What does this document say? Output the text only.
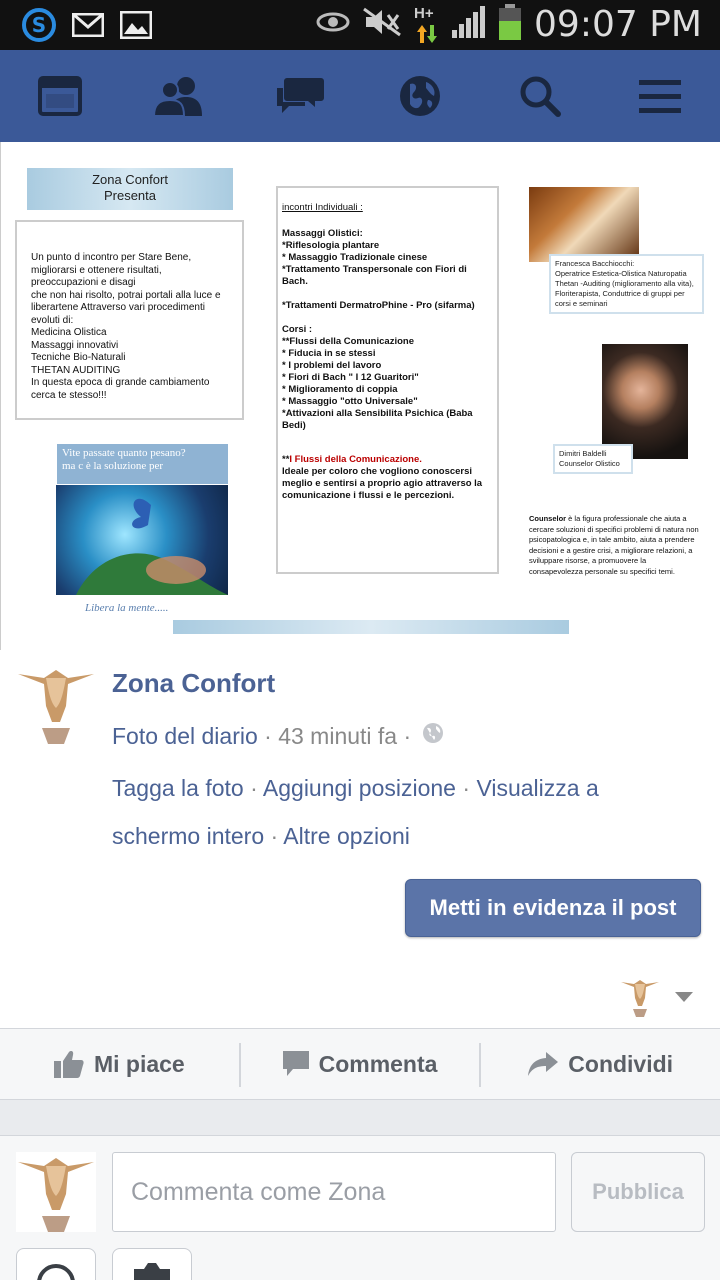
S	H+	09:07 PM
Zona Confort
Presenta
Un punto d incontro per Stare Bene,
migliorarsi e ottenere risultati,
preoccupazioni e disagi
che non hai risolto, potrai portali alla luce e
liberartene Attraverso vari procedimenti
evoluti di:
Medicina Olistica
Massaggi innovativi
Tecniche Bio-Naturali
THETAN AUDITING
In questa epoca di grande cambiamento
cerca te stesso!!!
incontri Individuali :
Massaggi Olistici:
*Riflesologia plantare
* Massaggio Tradizionale cinese
*Trattamento Transpersonale con Fiori di Bach.
*Trattamenti DermatroPhine - Pro (sifarma)
Corsi :
**Flussi della Comunicazione
* Fiducia in se stessi
* I problemi del lavoro
* Fiori di Bach " I 12 Guaritori"
* Miglioramento di coppia
* Massaggio "otto Universale"
*Attivazioni alla Sensibilita Psichica (Baba Bedi)
**I Flussi della Comunicazione.
Ideale per coloro che vogliono conoscersi meglio e sentirsi a proprio agio attraverso la comunicazione i flussi e le percezioni.
Francesca Bacchiocchi:
Operatrice Estetica-Olistica Naturopatia Thetan -Auditing (miglioramento alla vita), Floriterapista, Conduttrice di gruppi per corsi e seminari
Dimitri Baldelli
Counselor Olistico
Vite passate quanto pesano?
ma c è la soluzione per
Libera la mente.....
Counselor è la figura professionale che aiuta a cercare soluzioni di specifici problemi di natura non psicopatologica e, in tale ambito, aiuta a prendere decisioni e a gestire crisi, a migliorare relazioni, a sviluppare risorse, a promuovere la consapevolezza personale su specifici temi.
Zona Confort
Foto del diario · 43 minuti fa ·
Tagga la foto · Aggiungi posizione · Visualizza a schermo intero · Altre opzioni
Metti in evidenza il post
Mi piace	Commenta	Condividi
Commenta come Zona	Pubblica
